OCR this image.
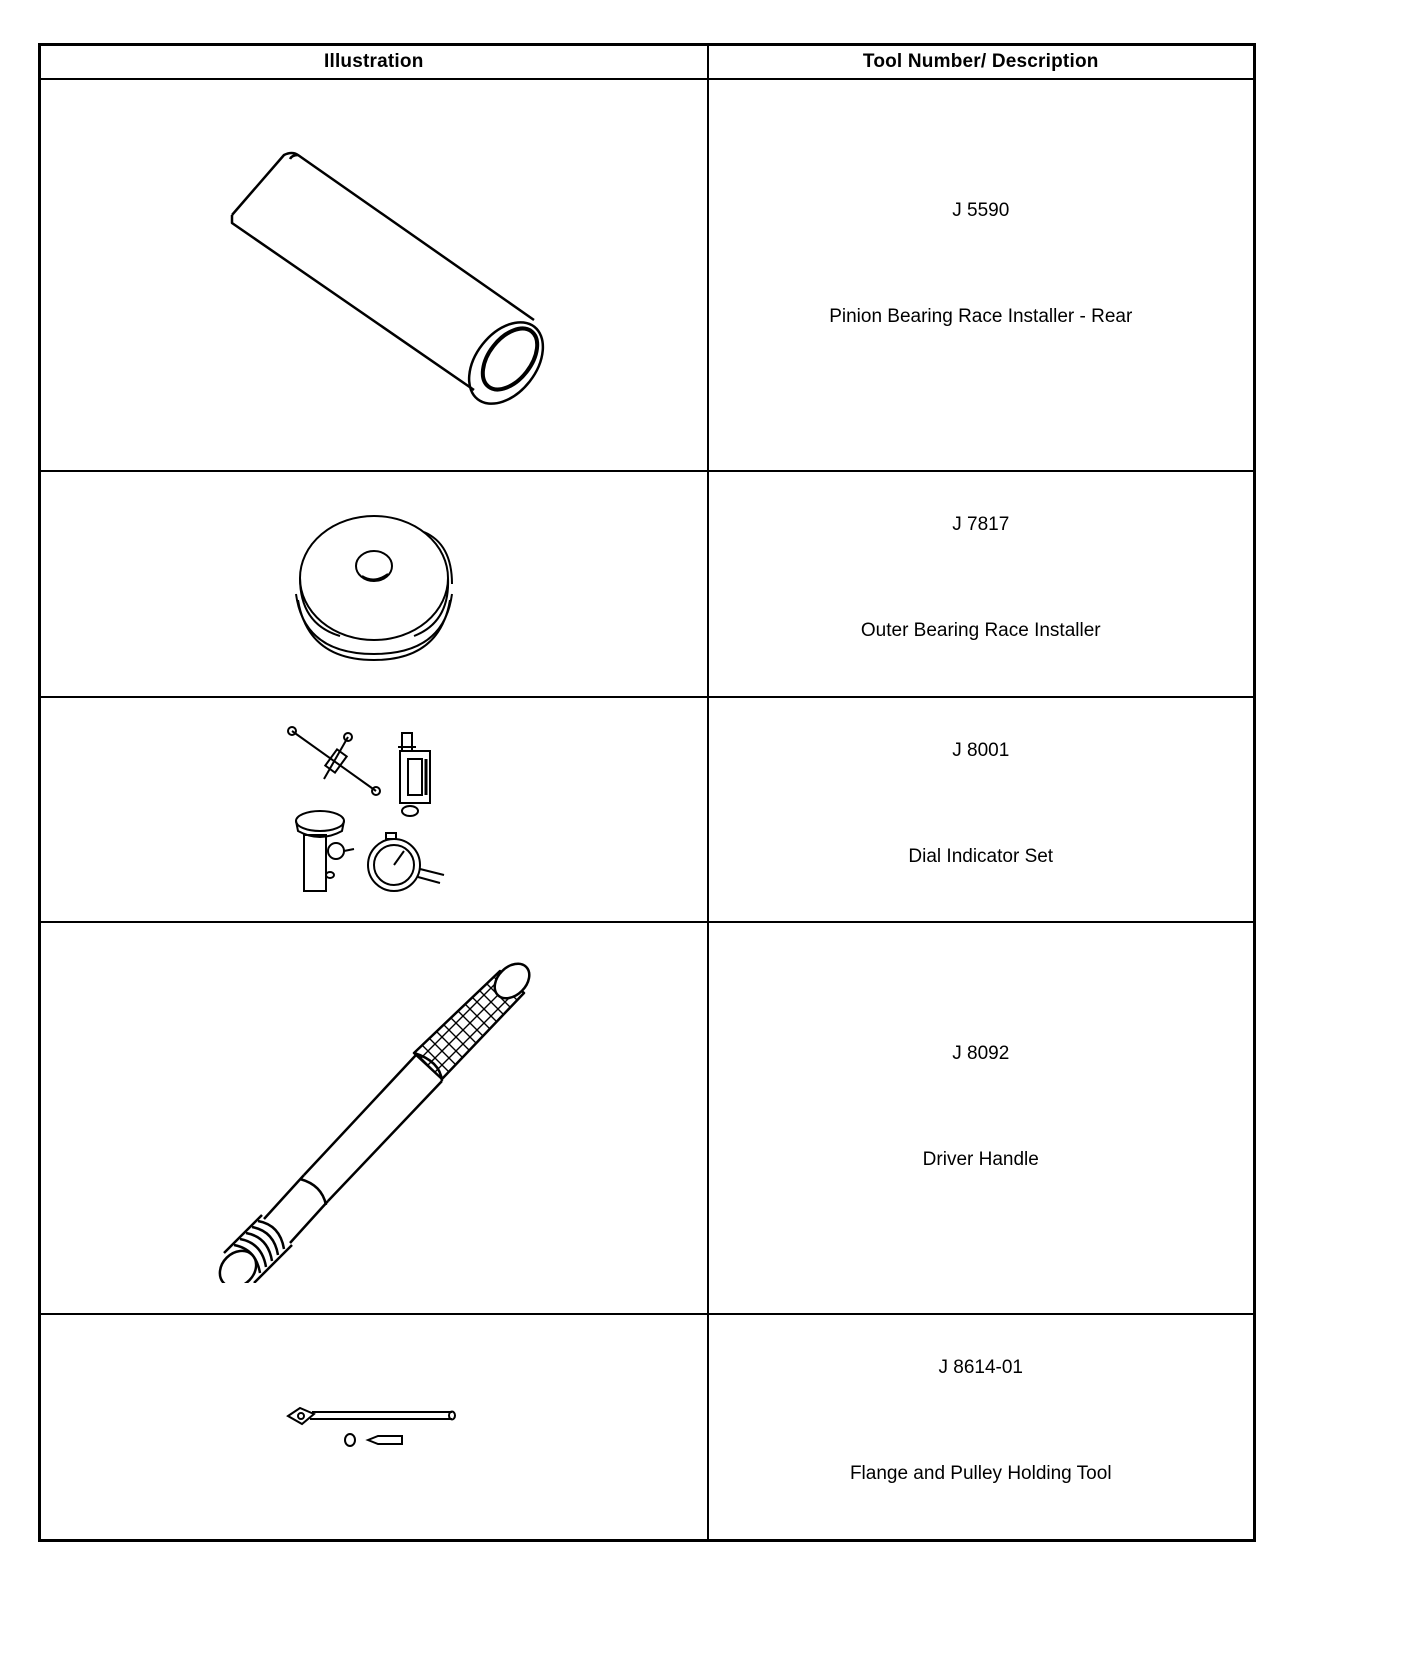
Illustration	Tool Number/ Description

J 5590
Pinion Bearing Race Installer - Rear

J 7817
Outer Bearing Race Installer

J 8001
Dial Indicator Set

J 8092
Driver Handle

J 8614-01
Flange and Pulley Holding Tool
